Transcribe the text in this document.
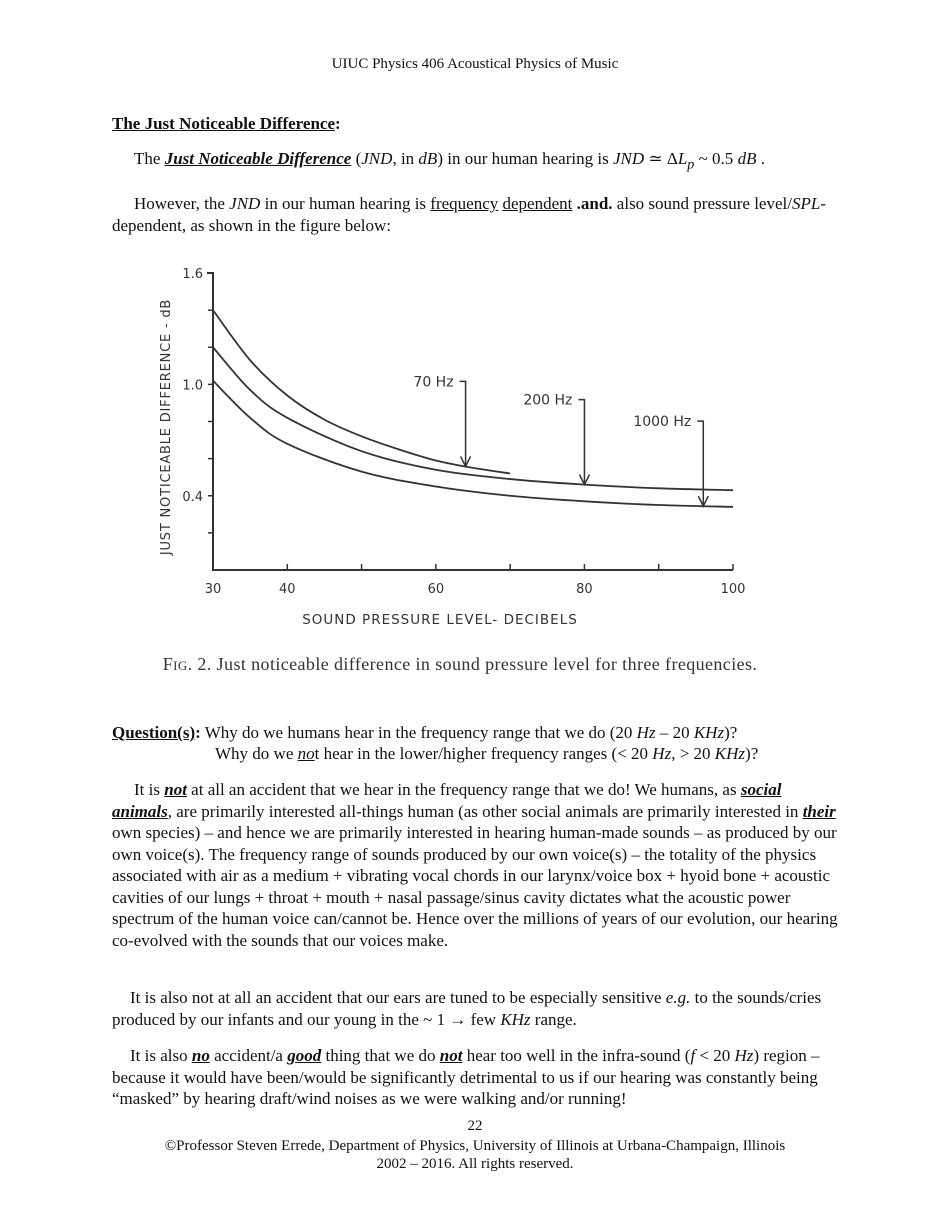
UIUC Physics 406 Acoustical Physics of Music
The Just Noticeable Difference:
The Just Noticeable Difference (JND, in dB) in our human hearing is JND ≃ $\Delta L_p$ ~ 0.5 dB .
However, the JND in our human hearing is frequency dependent .and. also sound pressure level/SPL-dependent, as shown in the figure below:
30	40	60	80	100
1.6
1.0
0.4
70 Hz
200 Hz
1000 Hz
SOUND PRESSURE LEVEL- DECIBELS
JUST NOTICEABLE DIFFERENCE - dB
Fig. 2. Just noticeable difference in sound pressure level for three frequencies.
Question(s): Why do we humans hear in the frequency range that we do (20 Hz – 20 KHz)?
Why do we not hear in the lower/higher frequency ranges (< 20 Hz, > 20 KHz)?
It is not at all an accident that we hear in the frequency range that we do! We humans, as social animals, are primarily interested all-things human (as other social animals are primarily interested in their own species) – and hence we are primarily interested in hearing human-made sounds – as produced by our own voice(s). The frequency range of sounds produced by our own voice(s) – the totality of the physics associated with air as a medium + vibrating vocal chords in our larynx/voice box + hyoid bone + acoustic cavities of our lungs + throat + mouth + nasal passage/sinus cavity dictates what the acoustic power spectrum of the human voice can/cannot be. Hence over the millions of years of our evolution, our hearing co-evolved with the sounds that our voices make.
It is also not at all an accident that our ears are tuned to be especially sensitive e.g. to the sounds/cries produced by our infants and our young in the ~ 1 → few KHz range.
It is also no accident/a good thing that we do not hear too well in the infra-sound (f < 20 Hz) region – because it would have been/would be significantly detrimental to us if our hearing was constantly being “masked” by hearing draft/wind noises as we were walking and/or running!
22
©Professor Steven Errede, Department of Physics, University of Illinois at Urbana-Champaign, Illinois
2002 – 2016. All rights reserved.
